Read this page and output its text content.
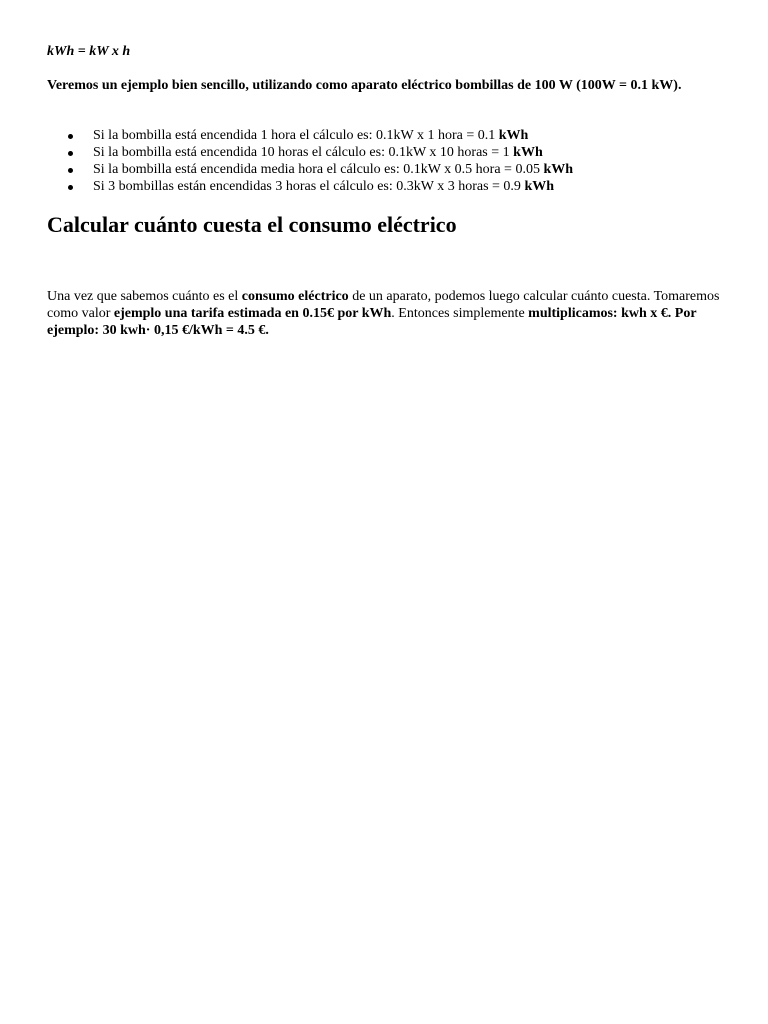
kWh = kW x h

Veremos un ejemplo bien sencillo, utilizando como aparato eléctrico bombillas de 100 W (100W = 0.1 kW).

Si la bombilla está encendida 1 hora el cálculo es: 0.1kW x 1 hora = 0.1 kWh
Si la bombilla está encendida 10 horas el cálculo es: 0.1kW x 10 horas = 1 kWh
Si la bombilla está encendida media hora el cálculo es: 0.1kW x 0.5 hora = 0.05 kWh
Si 3 bombillas están encendidas 3 horas el cálculo es: 0.3kW x 3 horas = 0.9 kWh
Calcular cuánto cuesta el consumo eléctrico

Una vez que sabemos cuánto es el consumo eléctrico de un aparato, podemos luego calcular cuánto cuesta. Tomaremos como valor ejemplo una tarifa estimada en 0.15€ por kWh. Entonces simplemente multiplicamos: kwh x €. Por ejemplo: 30 kwh· 0,15 €/kWh = 4.5 €.
